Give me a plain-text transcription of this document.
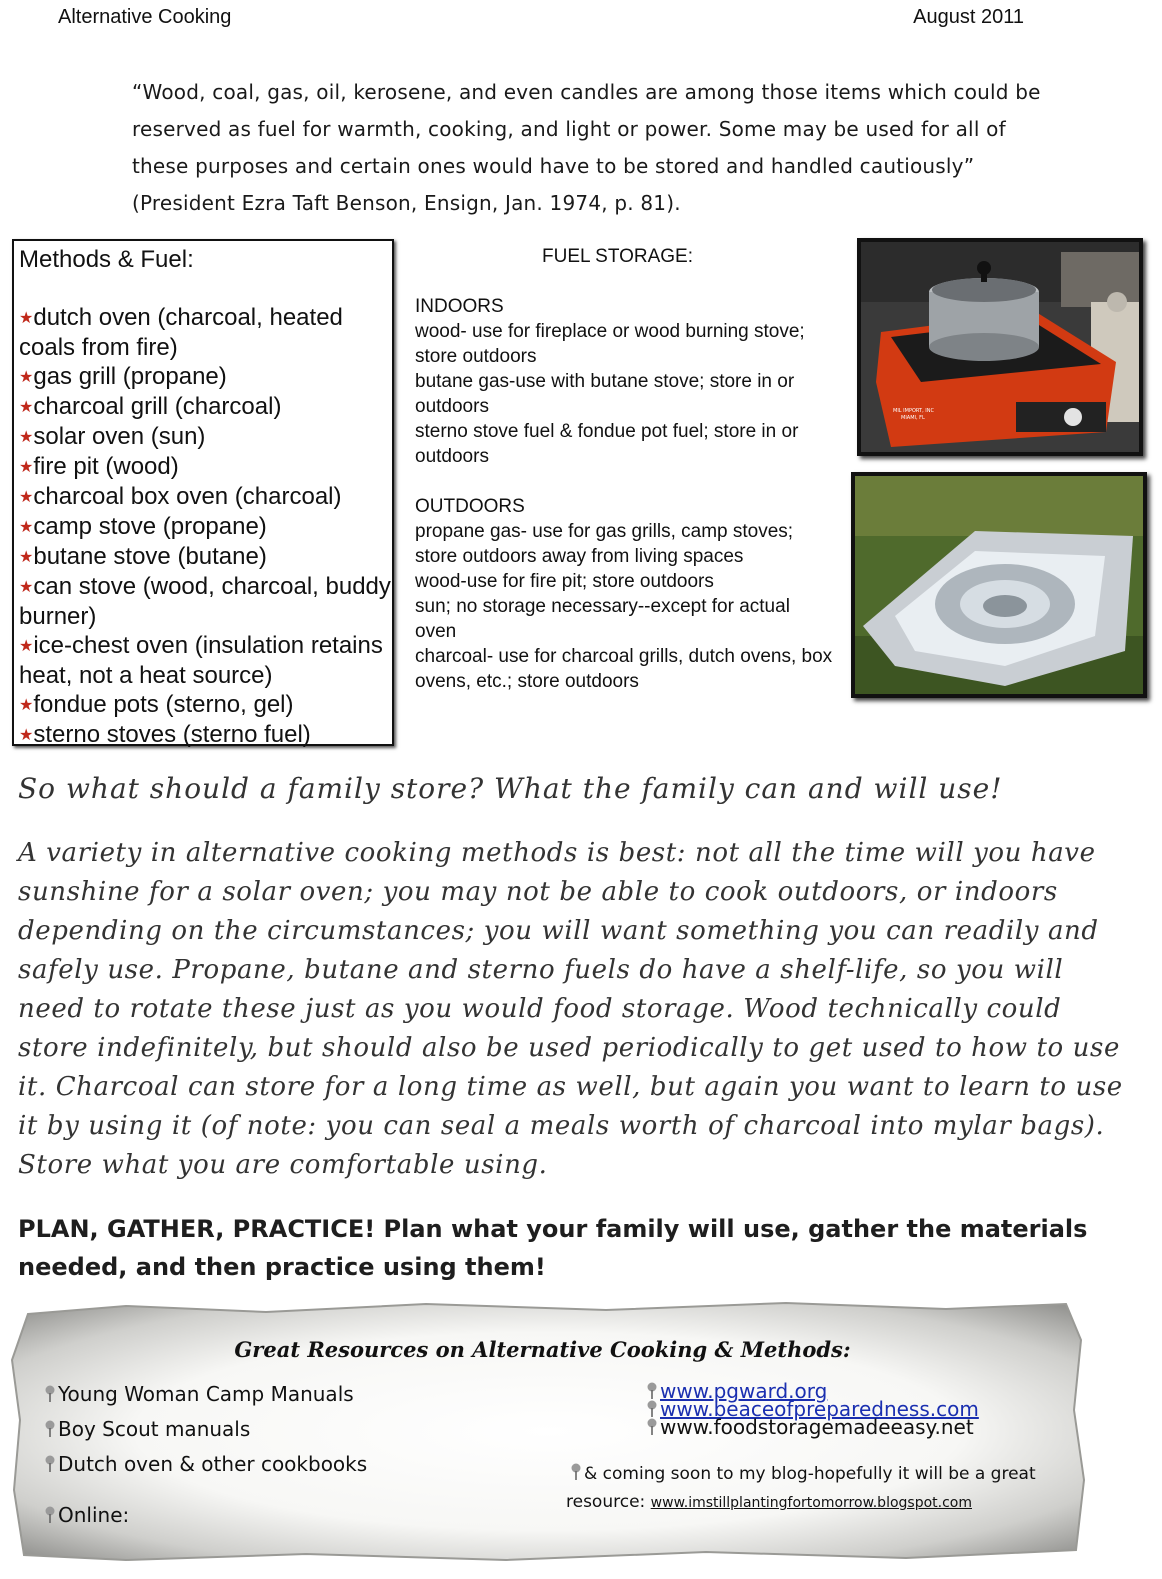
Alternative Cooking	August 2011
“Wood, coal, gas, oil, kerosene, and even candles are among those items which could be reserved as fuel for warmth, cooking, and light or power. Some may be used for all of these purposes and certain ones would have to be stored and handled cautiously” (President Ezra Taft Benson, Ensign, Jan. 1974, p. 81).
Methods & Fuel:
★dutch oven (charcoal, heated coals from fire)
★gas grill (propane)
★charcoal grill (charcoal)
★solar oven (sun)
★fire pit (wood)
★charcoal box oven (charcoal)
★camp stove (propane)
★butane stove (butane)
★can stove (wood, charcoal, buddy burner)
★ice-chest oven (insulation retains heat, not a heat source)
★fondue pots (sterno, gel)
★sterno stoves (sterno fuel)
FUEL STORAGE:
INDOORS
wood- use for fireplace or wood burning stove; store outdoors
butane gas-use with butane stove; store in or outdoors
sterno stove fuel & fondue pot fuel; store in or outdoors
OUTDOORS
propane gas- use for gas grills, camp stoves; store outdoors away from living spaces
wood-use for fire pit; store outdoors
sun; no storage necessary--except for actual oven
charcoal- use for charcoal grills, dutch ovens, box ovens, etc.; store outdoors
MIL IMPORT, INC
MIAMI, FL
So what should a family store? What the family can and will use!
A variety in alternative cooking methods is best: not all the time will you have sunshine for a solar oven; you may not be able to cook outdoors, or indoors depending on the circumstances; you will want something you can readily and safely use. Propane, butane and sterno fuels do have a shelf-life, so you will need to rotate these just as you would food storage. Wood technically could store indefinitely, but should also be used periodically to get used to how to use it. Charcoal can store for a long time as well, but again you want to learn to use it by using it (of note: you can seal a meals worth of charcoal into mylar bags). Store what you are comfortable using.
PLAN, GATHER, PRACTICE! Plan what your family will use, gather the materials needed, and then practice using them!
Great Resources on Alternative Cooking & Methods:
Young Woman Camp Manuals
Boy Scout manuals
Dutch oven & other cookbooks
Online:
www.pgward.org
www.beaceofpreparedness.com
www.foodstoragemadeeasy.net
& coming soon to my blog-hopefully it will be a great
resource: www.imstillplantingfortomorrow.blogspot.com
